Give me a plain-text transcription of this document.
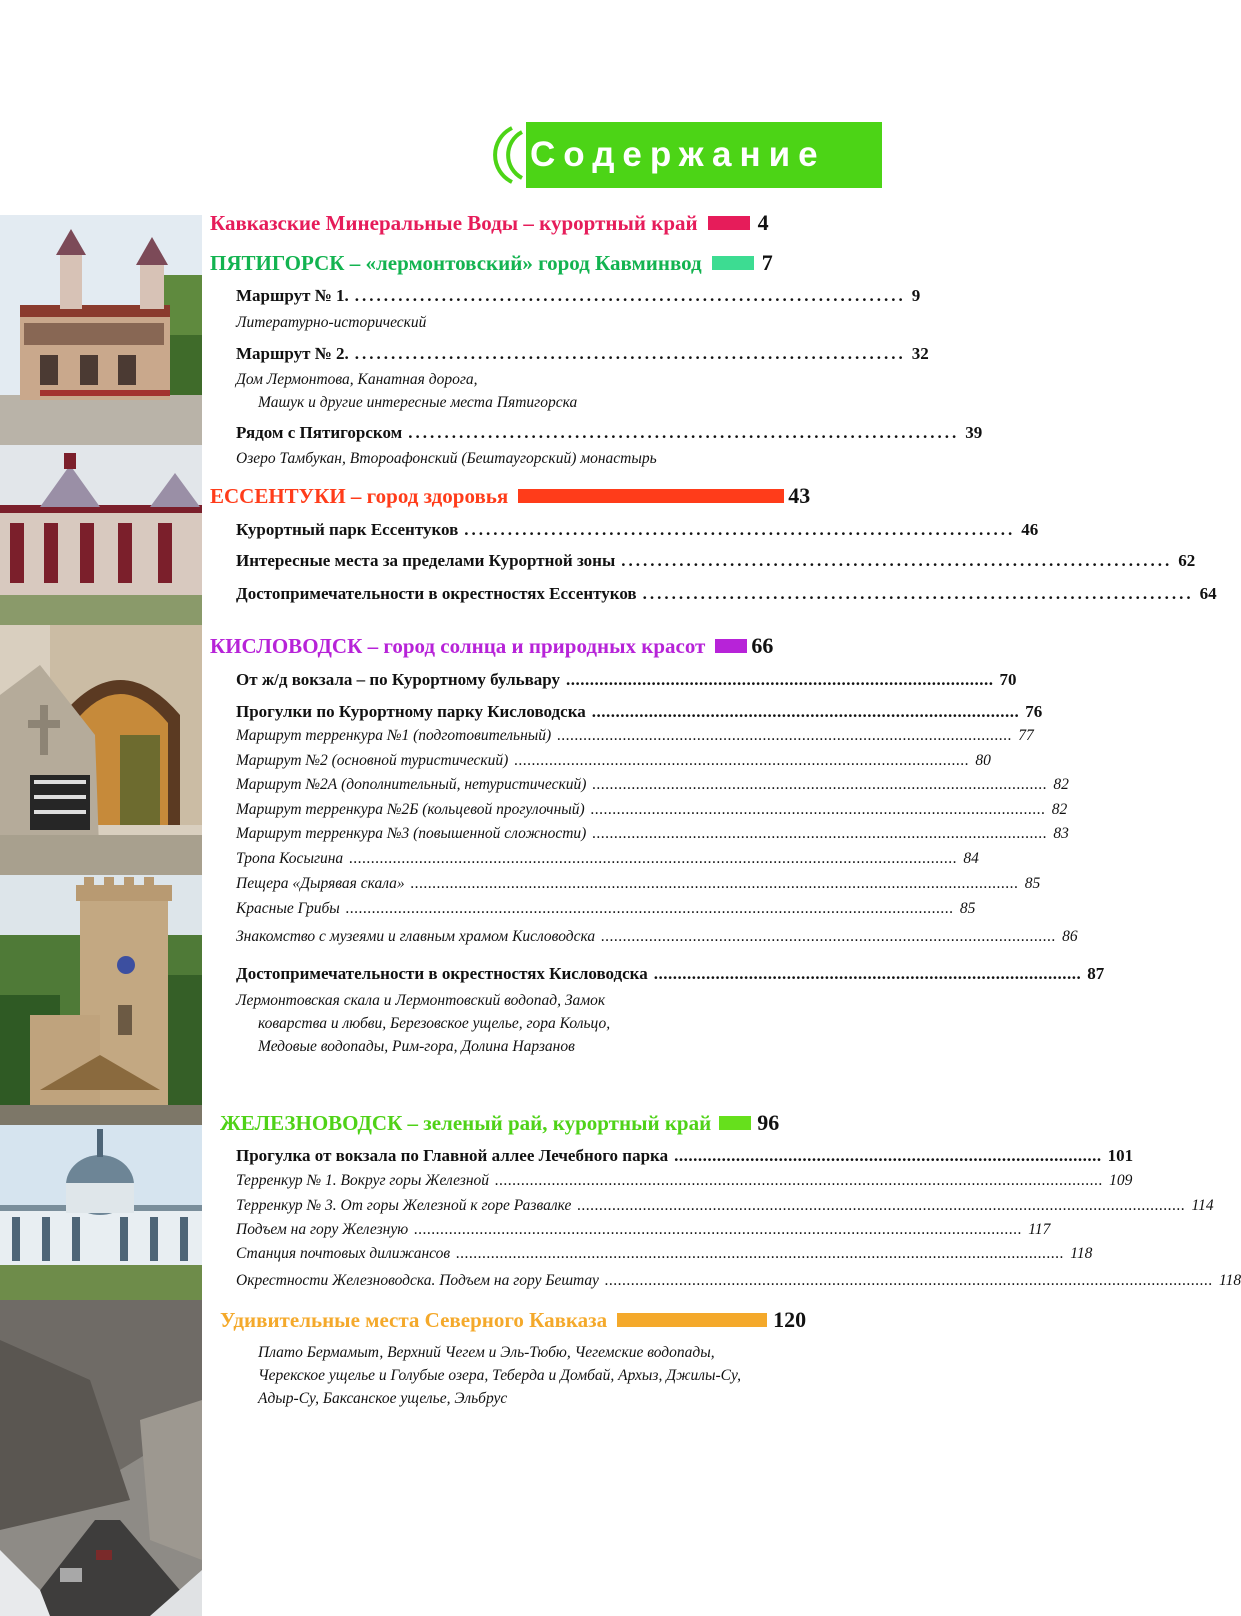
Содержание
Кавказские Минеральные Воды – курортный край	4
ПЯТИГОРСК – «лермонтовский» город Кавминвод	7
Маршрут № 1. ............................................................................ 9
Литературно-исторический
Маршрут № 2. ............................................................................ 32
Дом Лермонтова, Канатная дорога,
Машук и другие интересные места Пятигорска
Рядом с Пятигорском ............................................................................ 39
Озеро Тамбукан, Второафонский (Бештаугорский) монастырь
ЕССЕНТУКИ – город здоровья	43
Курортный парк Ессентуков ............................................................................ 46
Интересные места за пределами Курортной зоны ............................................................................ 62
Достопримечательности в окрестностях Ессентуков ............................................................................ 64
КИСЛОВОДСК – город солнца и природных красот 66
От ж/д вокзала – по Курортному бульвару .......................................................................................... 70
Прогулки по Курортному парку Кисловодска .......................................................................................... 76
Маршрут терренкура №1 (подготовительный) ........................................................................................................ 77
Маршрут №2 (основной туристический) ........................................................................................................ 80
Маршрут №2А (дополнительный, нетуристический) ........................................................................................................ 82
Маршрут терренкура №2Б (кольцевой прогулочный) ........................................................................................................ 82
Маршрут терренкура №3 (повышенной сложности) ........................................................................................................ 83
Тропа Косыгина ........................................................................................................................................... 84
Пещера «Дырявая скала» ........................................................................................................................................... 85
Красные Грибы ........................................................................................................................................... 85
Знакомство с музеями и главным храмом Кисловодска ........................................................................................................ 86
Достопримечательности в окрестностях Кисловодска .......................................................................................... 87
Лермонтовская скала и Лермонтовский водопад, Замок
коварства и любви, Березовское ущелье, гора Кольцо,
Медовые водопады, Рим-гора, Долина Нарзанов
ЖЕЛЕЗНОВОДСК – зеленый рай, курортный край 96
Прогулка от вокзала по Главной аллее Лечебного парка .......................................................................................... 101
Терренкур № 1. Вокруг горы Железной ........................................................................................................................................... 109
Терренкур № 3. От горы Железной к горе Развалке ........................................................................................................................................... 114
Подъем на гору Железную ........................................................................................................................................... 117
Станция почтовых дилижансов ........................................................................................................................................... 118
Окрестности Железноводска. Подъем на гору Бештау ........................................................................................................................................... 118
Удивительные места Северного Кавказа	120
Плато Бермамыт, Верхний Чегем и Эль-Тюбю, Чегемские водопады,
Черекское ущелье и Голубые озера, Теберда и Домбай, Архыз, Джилы-Су,
Адыр-Су, Баксанское ущелье, Эльбрус
